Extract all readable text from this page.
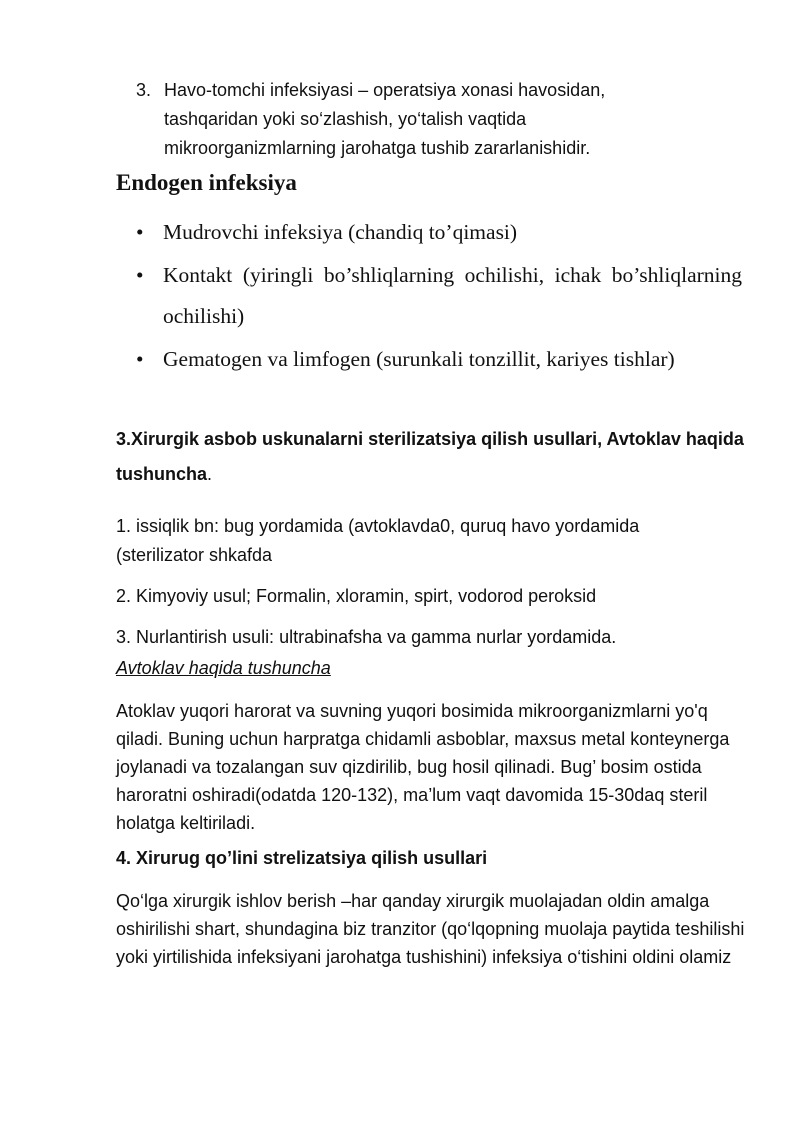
3. Havo-tomchi infeksiyasi – operatsiya xonasi havosidan, tashqaridan yoki so‘zlashish, yo‘talish vaqtida mikroorganizmlarning jarohatga tushib zararlanishidir.
Endogen infeksiya
• Mudrovchi infeksiya (chandiq to’qimasi)
• Kontakt (yiringli bo’shliqlarning ochilishi, ichak bo’shliqlarning ochilishi)
• Gematogen va limfogen (surunkali tonzillit, kariyes tishlar)
3.Xirurgik asbob uskunalarni sterilizatsiya qilish usullari, Avtoklav haqida tushuncha.

1. issiqlik bn: bug yordamida (avtoklavda0, quruq havo yordamida (sterilizator shkafda

2. Kimyoviy usul; Formalin, xloramin, spirt, vodorod peroksid

3. Nurlantirish usuli: ultrabinafsha va gamma nurlar yordamida.

Avtoklav haqida tushuncha

Atoklav yuqori harorat va suvning yuqori bosimida mikroorganizmlarni yo'q qiladi. Buning uchun harpratga chidamli asboblar, maxsus metal konteynerga joylanadi va tozalangan suv qizdirilib, bug hosil qilinadi. Bug’ bosim ostida haroratni oshiradi(odatda 120-132), ma’lum vaqt davomida 15-30daq steril holatga keltiriladi.

4. Xirurug qo’lini strelizatsiya qilish usullari

Qo‘lga xirurgik ishlov berish –har qanday xirurgik muolajadan oldin amalga oshirilishi shart, shundagina biz tranzitor (qo‘lqopning muolaja paytida teshilishi yoki yirtilishida infeksiyani jarohatga tushishini) infeksiya o‘tishini oldini olamiz
